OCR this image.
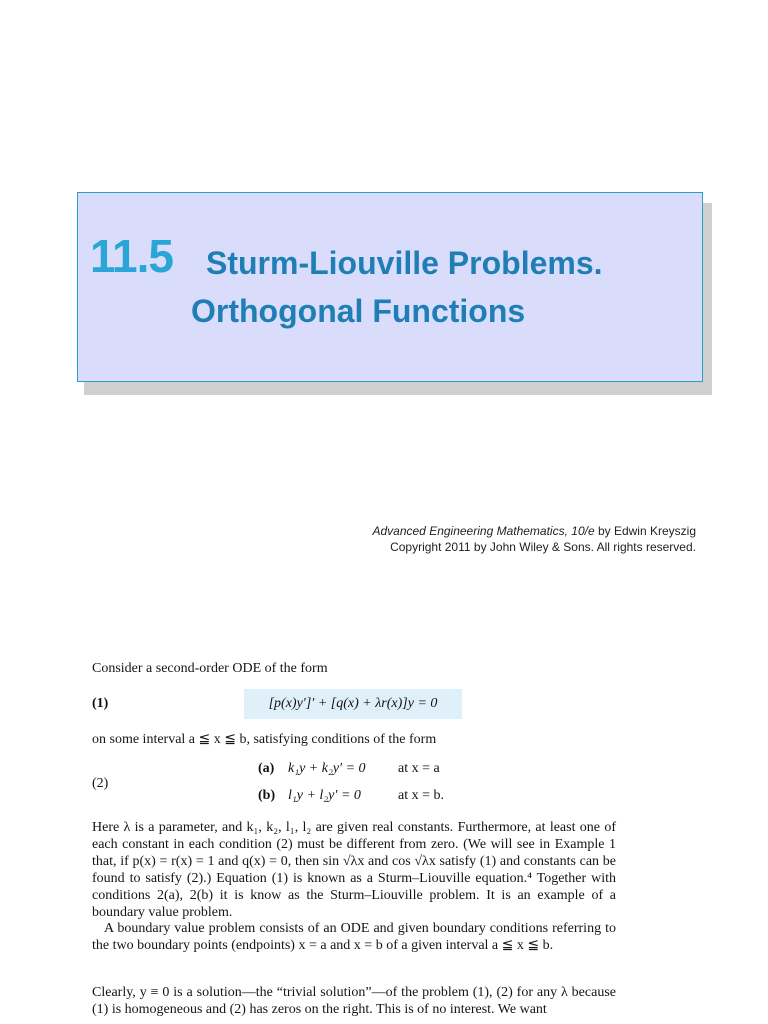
11.5 Sturm-Liouville Problems.
Orthogonal Functions
Advanced Engineering Mathematics, 10/e by Edwin Kreyszig
Copyright 2011 by John Wiley & Sons. All rights reserved.
Consider a second-order ODE of the form
(1)	[p(x)y′]′ + [q(x) + λr(x)]y = 0
on some interval a ≦ x ≦ b, satisfying conditions of the form
(2)
(a) k₁y + k₂y′ = 0 at x = a
(b) l₁y + l₂y′ = 0	at x = b.
Here λ is a parameter, and k₁, k₂, l₁, l₂ are given real constants. Furthermore, at least one of each constant in each condition (2) must be different from zero. (We will see in Example 1 that, if p(x) = r(x) = 1 and q(x) = 0, then sin √λx and cos √λx satisfy (1) and constants can be found to satisfy (2).) Equation (1) is known as a Sturm–Liouville equation.⁴ Together with conditions 2(a), 2(b) it is know as the Sturm–Liouville problem. It is an example of a boundary value problem.
A boundary value problem consists of an ODE and given boundary conditions referring to the two boundary points (endpoints) x = a and x = b of a given interval a ≦ x ≦ b.
Clearly, y ≡ 0 is a solution—the “trivial solution”—of the problem (1), (2) for any λ because (1) is homogeneous and (2) has zeros on the right. This is of no interest. We want
